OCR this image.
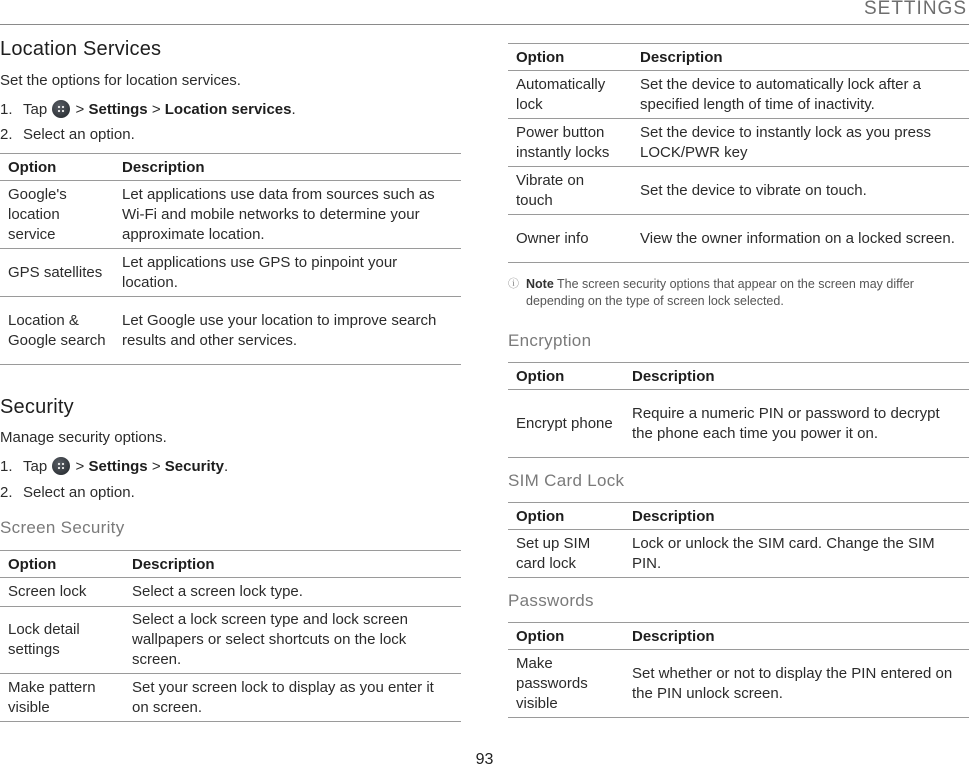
SETTINGS
Location Services
Set the options for location services.
1. Tap > Settings > Location services.
2. Select an option.
Option	Description
Google's location service	Let applications use data from sources such as Wi-Fi and mobile networks to determine your approximate location.
GPS satellites	Let applications use GPS to pinpoint your location.
Location & Google search	Let Google use your location to improve search results and other services.
Security
Manage security options.
1. Tap > Settings > Security.
2. Select an option.
Screen Security
Option	Description
Screen lock	Select a screen lock type.
Lock detail settings	Select a lock screen type and lock screen wallpapers or select shortcuts on the lock screen.
Make pattern visible	Set your screen lock to display as you enter it on screen.
Option	Description
Automatically lock	Set the device to automatically lock after a specified length of time of inactivity.
Power button instantly locks	Set the device to instantly lock as you press LOCK/PWR key
Vibrate on touch	Set the device to vibrate on touch.
Owner info	View the owner information on a locked screen.
ⓘ Note The screen security options that appear on the screen may differ depending on the type of screen lock selected.
Encryption
Option	Description
Encrypt phone	Require a numeric PIN or password to decrypt the phone each time you power it on.
SIM Card Lock
Option	Description
Set up SIM card lock	Lock or unlock the SIM card. Change the SIM PIN.
Passwords
Option	Description
Make passwords visible	Set whether or not to display the PIN entered on the PIN unlock screen.
93
